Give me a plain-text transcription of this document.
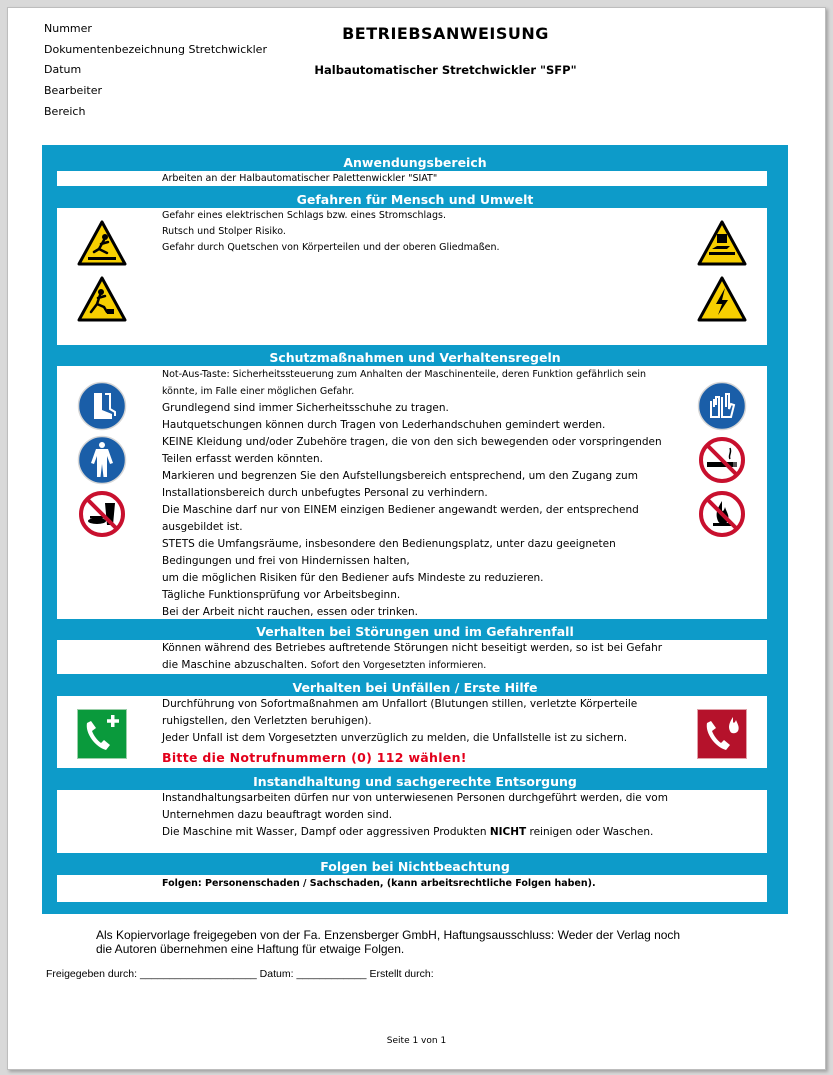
Nummer
Dokumentenbezeichnung Stretchwickler
Datum
Bearbeiter
Bereich
BETRIEBSANWEISUNG
Halbautomatischer Stretchwickler "SFP"
Anwendungsbereich
Arbeiten an der Halbautomatischer Palettenwickler "SIAT"
Gefahren für Mensch und Umwelt
Gefahr eines elektrischen Schlags bzw. eines Stromschlags.
Rutsch und Stolper Risiko.
Gefahr durch Quetschen von Körperteilen und der oberen Gliedmaßen.
Schutzmaßnahmen und Verhaltensregeln
Not-Aus-Taste: Sicherheitssteuerung zum Anhalten der Maschinenteile, deren Funktion gefährlich sein
könnte, im Falle einer möglichen Gefahr.
Grundlegend sind immer Sicherheitsschuhe zu tragen.
Hautquetschungen können durch Tragen von Lederhandschuhen gemindert werden.
KEINE Kleidung und/oder Zubehöre tragen, die von den sich bewegenden oder vorspringenden
Teilen erfasst werden könnten.
Markieren und begrenzen Sie den Aufstellungsbereich entsprechend, um den Zugang zum
Installationsbereich durch unbefugtes Personal zu verhindern.
Die Maschine darf nur von EINEM einzigen Bediener angewandt werden, der entsprechend
ausgebildet ist.
STETS die Umfangsräume, insbesondere den Bedienungsplatz, unter dazu geeigneten
Bedingungen und frei von Hindernissen halten,
um die möglichen Risiken für den Bediener aufs Mindeste zu reduzieren.
Tägliche Funktionsprüfung vor Arbeitsbeginn.
Bei der Arbeit nicht rauchen, essen oder trinken.
Verhalten bei Störungen und im Gefahrenfall
Können während des Betriebes auftretende Störungen nicht beseitigt werden, so ist bei Gefahr
die Maschine abzuschalten. Sofort den Vorgesetzten informieren.
Verhalten bei Unfällen / Erste Hilfe
Durchführung von Sofortmaßnahmen am Unfallort (Blutungen stillen, verletzte Körperteile
ruhigstellen, den Verletzten beruhigen).
Jeder Unfall ist dem Vorgesetzten unverzüglich zu melden, die Unfallstelle ist zu sichern.
Bitte die Notrufnummern (0) 112 wählen!
Instandhaltung und sachgerechte Entsorgung
Instandhaltungsarbeiten dürfen nur von unterwiesenen Personen durchgeführt werden, die vom
Unternehmen dazu beauftragt worden sind.
Die Maschine mit Wasser, Dampf oder aggressiven Produkten NICHT reinigen oder Waschen.
Folgen bei Nichtbeachtung
Folgen: Personenschaden / Sachschaden, (kann arbeitsrechtliche Folgen haben).
Als Kopiervorlage freigegeben von der Fa. Enzensberger GmbH, Haftungsausschluss: Weder der Verlag noch die Autoren übernehmen eine Haftung für etwaige Folgen.
Freigegeben durch: ____________________ Datum: ____________ Erstellt durch:
Seite 1 von 1
